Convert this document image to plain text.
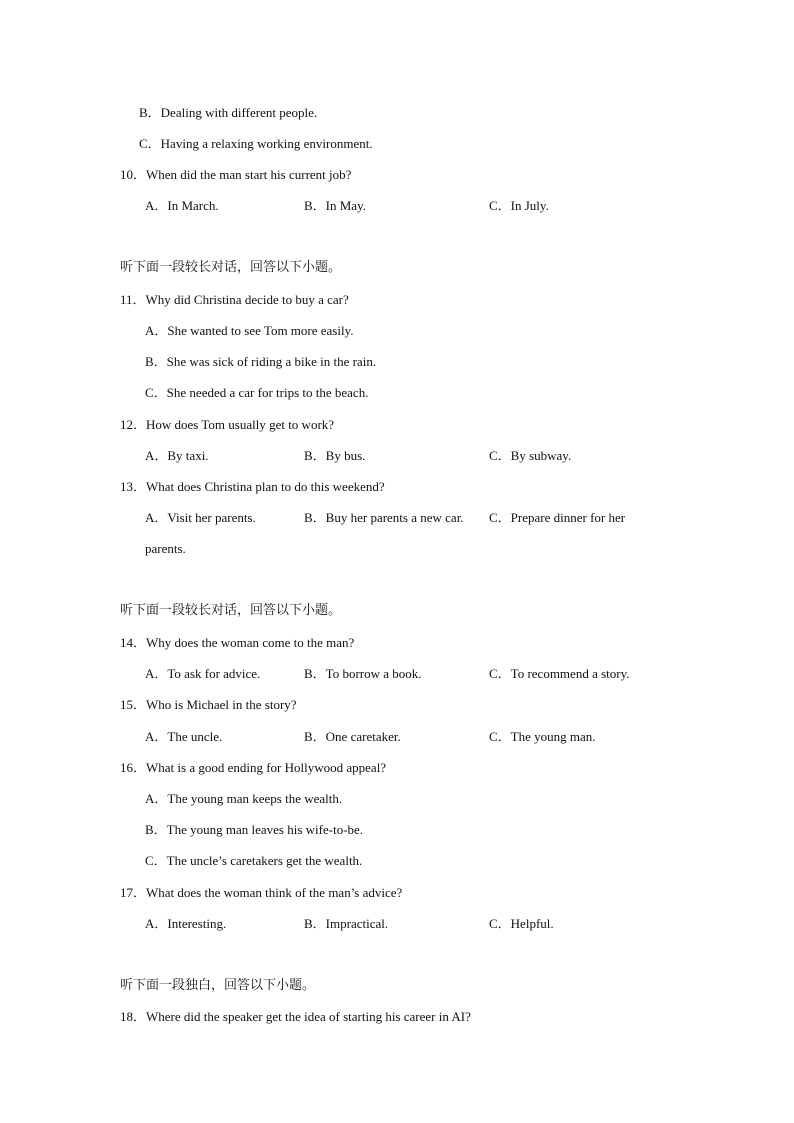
B．Dealing with different people.
C．Having a relaxing working environment.
10．When did the man start his current job?
A．In March.	B．In May.	C．In July.
听下面一段较长对话，回答以下小题。
11．Why did Christina decide to buy a car?
A．She wanted to see Tom more easily.
B．She was sick of riding a bike in the rain.
C．She needed a car for trips to the beach.
12．How does Tom usually get to work?
A．By taxi.	B．By bus.	C．By subway.
13．What does Christina plan to do this weekend?
A．Visit her parents.	B．Buy her parents a new car. C．Prepare dinner for her
parents.
听下面一段较长对话，回答以下小题。
14．Why does the woman come to the man?
A．To ask for advice.	B．To borrow a book.	C．To recommend a story.
15．Who is Michael in the story?
A．The uncle.	B．One caretaker.	C．The young man.
16．What is a good ending for Hollywood appeal?
A．The young man keeps the wealth.
B．The young man leaves his wife-to-be.
C．The uncle’s caretakers get the wealth.
17．What does the woman think of the man’s advice?
A．Interesting.	B．Impractical.	C．Helpful.
听下面一段独白，回答以下小题。
18．Where did the speaker get the idea of starting his career in AI?
